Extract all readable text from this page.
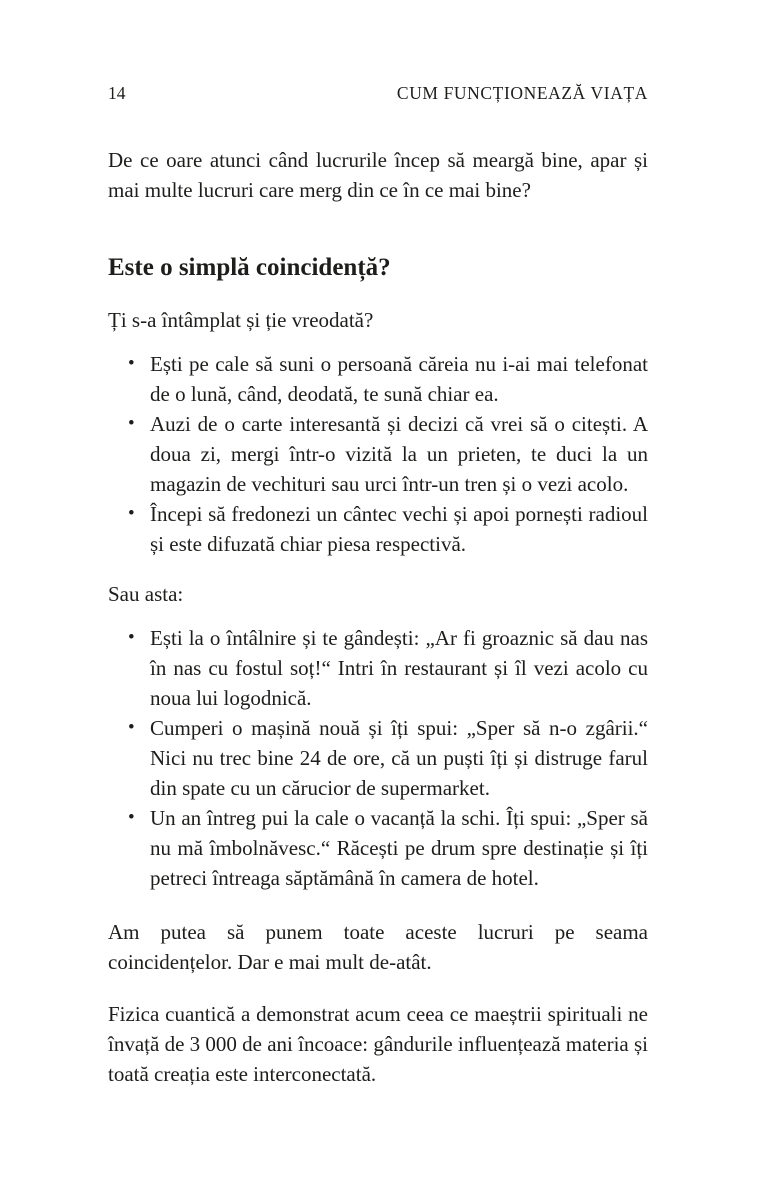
14	CUM FUNCȚIONEAZĂ VIAȚA

De ce oare atunci când lucrurile încep să meargă bine, apar și mai multe lucruri care merg din ce în ce mai bine?

Este o simplă coincidență?

Ți s-a întâmplat și ție vreodată?

• Ești pe cale să suni o persoană căreia nu i-ai mai telefonat de o lună, când, deodată, te sună chiar ea.
• Auzi de o carte interesantă și decizi că vrei să o citești. A doua zi, mergi într-o vizită la un prieten, te duci la un magazin de vechituri sau urci într-un tren și o vezi acolo.
• Începi să fredonezi un cântec vechi și apoi pornești radioul și este difuzată chiar piesa respectivă.

Sau asta:

• Ești la o întâlnire și te gândești: „Ar fi groaznic să dau nas în nas cu fostul soț!“ Intri în restaurant și îl vezi acolo cu noua lui logodnică.
• Cumperi o mașină nouă și îți spui: „Sper să n-o zgârii.“ Nici nu trec bine 24 de ore, că un puști îți și distruge farul din spate cu un cărucior de supermarket.
• Un an întreg pui la cale o vacanță la schi. Îți spui: „Sper să nu mă îmbolnăvesc.“ Răcești pe drum spre destinație și îți petreci întreaga săptămână în camera de hotel.

Am putea să punem toate aceste lucruri pe seama coincidențelor. Dar e mai mult de-atât.

Fizica cuantică a demonstrat acum ceea ce maeștrii spirituali ne învață de 3 000 de ani încoace: gândurile influențează materia și toată creația este interconectată.
